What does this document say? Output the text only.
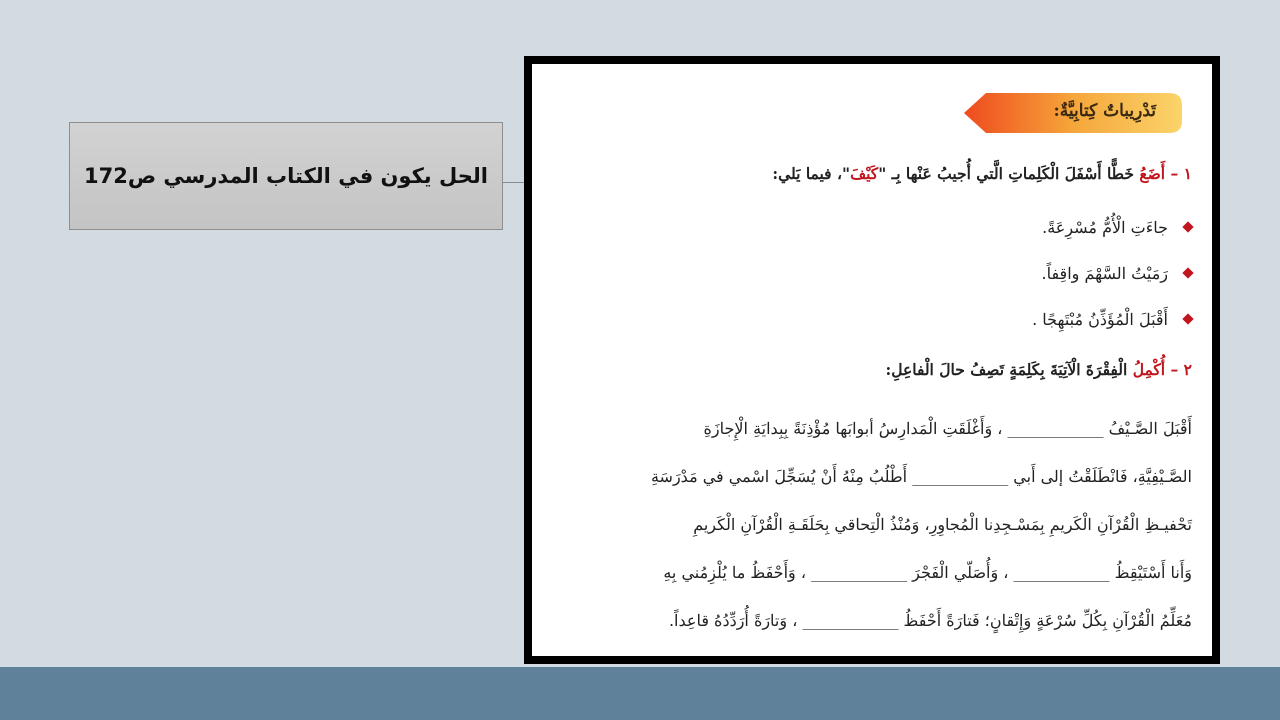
الحل يكون في الكتاب المدرسي ص172
تَدْرِيباتٌ كِتابِيَّةٌ:
١ – أَضَعُ خَطًّا أَسْفَلَ الْكَلِماتِ الَّتي أُجيبُ عَنْها بِـ "كَيْفَ"، فيما يَلي:
جاءَتِ الْأُمُّ مُسْرِعَةً.
رَمَيْتُ السَّهْمَ واقِفاً.
أَقْبَلَ الْمُؤَذِّنُ مُبْتَهِجًا .
٢ – أُكْمِلُ الْفِقْرَةَ الْآتِيَةَ بِكَلِمَةٍ تَصِفُ حالَ الْفاعِلِ:
أَقْبَلَ الصَّـيْفُ ____________ ، وَأَغْلَقَتِ الْمَدارِسُ أبوابَها مُؤْذِنَةً بِبِدايَةِ الْإِجازَةِ
الصَّـيْفِيَّةِ، فَانْطَلَقْتُ إلى أَبي ____________ أَطْلُبُ مِنْهُ أَنْ يُسَجِّلَ اسْمي في مَدْرَسَةِ
تَحْفيـظِ الْقُرْآنِ الْكَريمِ بِمَسْـجِدِنا الْمُجاوِرِ، وَمُنْذُ الْتِحاقي بِحَلَقَـةِ الْقُرْآنِ الْكَريمِ
وَأَنا أَسْتَيْقِظُ ____________ ، وَأُصَلّي الْفَجْرَ ____________ ، وَأَحْفَظُ ما يُلْزِمُني بِهِ
مُعَلِّمُ الْقُرْآنِ بِكُلِّ سُرْعَةٍ وَإِتْقانٍ؛ فَتارَةً أَحْفَظُ ____________ ، وَتارَةً أُرَدِّدُهُ قاعِداً.
